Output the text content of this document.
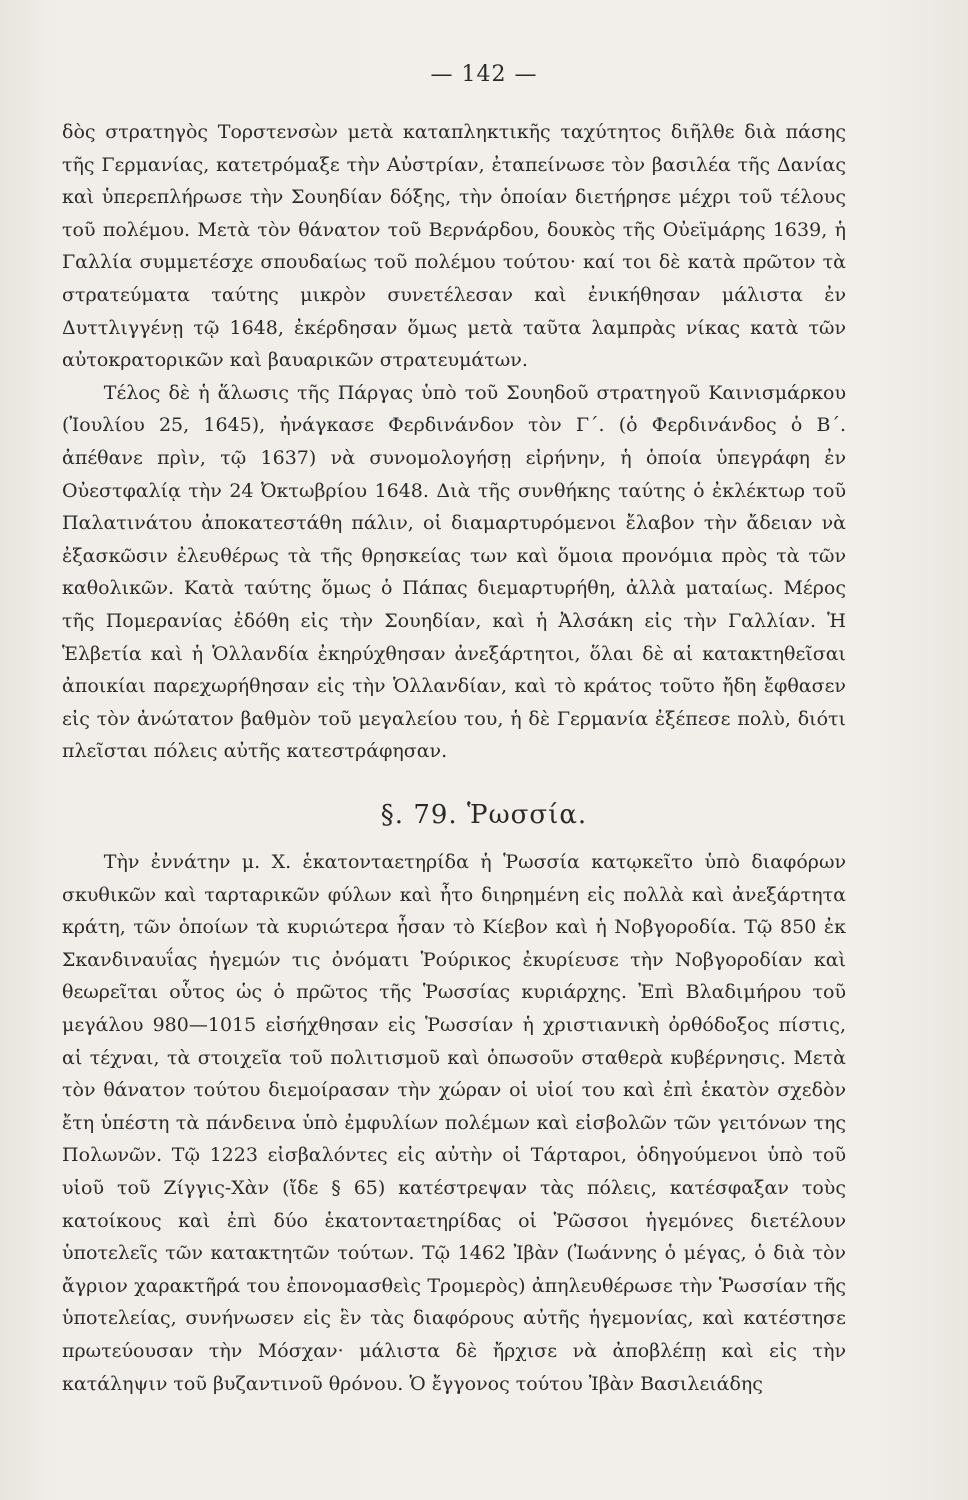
— 142 —

δὸς στρατηγὸς Τορστενσὼν μετὰ καταπληκτικῆς ταχύτητος διῆλθε διὰ πάσης τῆς Γερμανίας, κατετρόμαξε τὴν Αὐστρίαν, ἐταπείνωσε τὸν βασιλέα τῆς Δανίας καὶ ὑπερεπλήρωσε τὴν Σουηδίαν δόξης, τὴν ὁποίαν διετήρησε μέχρι τοῦ τέλους τοῦ πολέμου. Μετὰ τὸν θάνατον τοῦ Βερνάρδου, δουκὸς τῆς Οὐεϊμάρης 1639, ἡ Γαλλία συμμετέσχε σπουδαίως τοῦ πολέμου τούτου· καί τοι δὲ κατὰ πρῶτον τὰ στρατεύματα ταύτης μικρὸν συνετέλεσαν καὶ ἐνικήθησαν μάλιστα ἐν Δυττλιγγένῃ τῷ 1648, ἐκέρδησαν ὅμως μετὰ ταῦτα λαμπρὰς νίκας κατὰ τῶν αὐτοκρατορικῶν καὶ βαυαρικῶν στρατευμάτων.

Τέλος δὲ ἡ ἅλωσις τῆς Πάργας ὑπὸ τοῦ Σουηδοῦ στρατηγοῦ Καινισμάρκου (Ἰουλίου 25, 1645), ἠνάγκασε Φερδινάνδον τὸν Γ΄. (ὁ Φερδινάνδος ὁ Β΄. ἀπέθανε πρὶν, τῷ 1637) νὰ συνομολογήσῃ εἰρήνην, ἡ ὁποία ὑπεγράφη ἐν Οὐεστφαλίᾳ τὴν 24 Ὀκτωβρίου 1648. Διὰ τῆς συνθήκης ταύτης ὁ ἐκλέκτωρ τοῦ Παλατινάτου ἀποκατεστάθη πάλιν, οἱ διαμαρτυρόμενοι ἔλαβον τὴν ἄδειαν νὰ ἐξασκῶσιν ἐλευθέρως τὰ τῆς θρησκείας των καὶ ὅμοια προνόμια πρὸς τὰ τῶν καθολικῶν. Κατὰ ταύτης ὅμως ὁ Πάπας διεμαρτυρήθη, ἀλλὰ ματαίως. Μέρος τῆς Πομερανίας ἐδόθη εἰς τὴν Σουηδίαν, καὶ ἡ Ἀλσάκη εἰς τὴν Γαλλίαν. Ἡ Ἑλβετία καὶ ἡ Ὁλλανδία ἐκηρύχθησαν ἀνεξάρτητοι, ὅλαι δὲ αἱ κατακτηθεῖσαι ἀποικίαι παρεχωρήθησαν εἰς τὴν Ὁλλανδίαν, καὶ τὸ κράτος τοῦτο ἤδη ἔφθασεν εἰς τὸν ἀνώτατον βαθμὸν τοῦ μεγαλείου του, ἡ δὲ Γερμανία ἐξέπεσε πολὺ, διότι πλεῖσται πόλεις αὐτῆς κατεστράφησαν.

§. 79. Ῥωσσία.

Τὴν ἐννάτην μ. Χ. ἑκατονταετηρίδα ἡ Ῥωσσία κατῳκεῖτο ὑπὸ διαφόρων σκυθικῶν καὶ ταρταρικῶν φύλων καὶ ἦτο διηρημένη εἰς πολλὰ καὶ ἀνεξάρτητα κράτη, τῶν ὁποίων τὰ κυριώτερα ἦσαν τὸ Κίεβον καὶ ἡ Νοβγοροδία. Τῷ 850 ἐκ Σκανδιναυΐας ἡγεμών τις ὀνόματι Ῥούρικος ἐκυρίευσε τὴν Νοβγοροδίαν καὶ θεωρεῖται οὗτος ὡς ὁ πρῶτος τῆς Ῥωσσίας κυριάρχης. Ἐπὶ Βλαδιμήρου τοῦ μεγάλου 980—1015 εἰσήχθησαν εἰς Ῥωσσίαν ἡ χριστιανικὴ ὀρθόδοξος πίστις, αἱ τέχναι, τὰ στοιχεῖα τοῦ πολιτισμοῦ καὶ ὁπωσοῦν σταθερὰ κυβέρνησις. Μετὰ τὸν θάνατον τούτου διεμοίρασαν τὴν χώραν οἱ υἱοί του καὶ ἐπὶ ἑκατὸν σχεδὸν ἔτη ὑπέστη τὰ πάνδεινα ὑπὸ ἐμφυλίων πολέμων καὶ εἰσβολῶν τῶν γειτόνων της Πολωνῶν. Τῷ 1223 εἰσβαλόντες εἰς αὐτὴν οἱ Τάρταροι, ὁδηγούμενοι ὑπὸ τοῦ υἱοῦ τοῦ Ζίγγις-Χὰν (ἴδε § 65) κατέστρεψαν τὰς πόλεις, κατέσφαξαν τοὺς κατοίκους καὶ ἐπὶ δύο ἑκατονταετηρίδας οἱ Ῥῶσσοι ἡγεμόνες διετέλουν ὑποτελεῖς τῶν κατακτητῶν τούτων. Τῷ 1462 Ἰβὰν (Ἰωάννης ὁ μέγας, ὁ διὰ τὸν ἄγριον χαρακτῆρά του ἐπονομασθεὶς Τρομερὸς) ἀπηλευθέρωσε τὴν Ῥωσσίαν τῆς ὑποτελείας, συνήνωσεν εἰς ἓν τὰς διαφόρους αὐτῆς ἡγεμονίας, καὶ κατέστησε πρωτεύουσαν τὴν Μόσχαν· μάλιστα δὲ ἤρχισε νὰ ἀποβλέπῃ καὶ εἰς τὴν κατάληψιν τοῦ βυζαντινοῦ θρόνου. Ὁ ἔγγονος τούτου Ἰβὰν Βασιλειάδης
